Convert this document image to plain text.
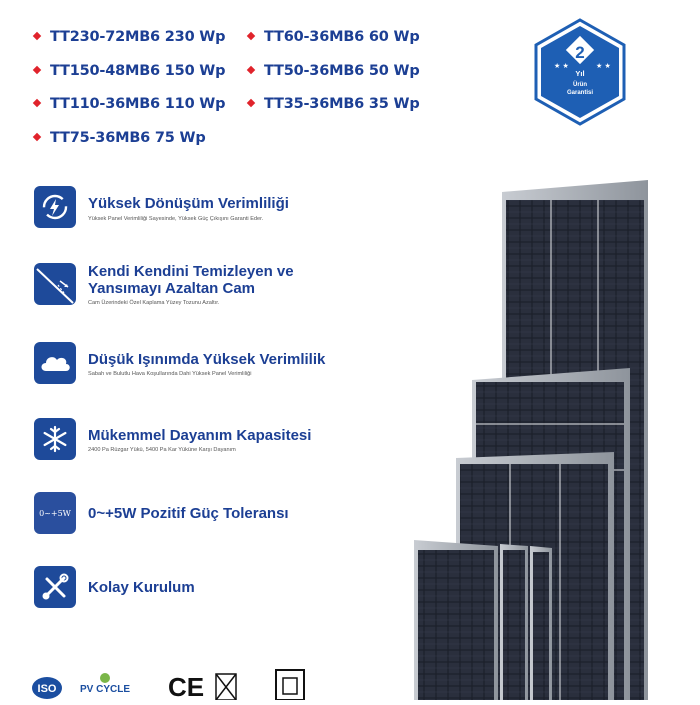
TT230-72MB6 230 Wp	TT60-36MB6 60 Wp
TT150-48MB6 150 Wp	TT50-36MB6 50 Wp
TT110-36MB6 110 Wp	TT35-36MB6 35 Wp
TT75-36MB6 75 Wp
2
★ ★	★ ★
Yıl
Ürün
Garantisi
Yüksek Dönüşüm Verimliliği
Yüksek Panel Verimliliği Sayesinde, Yüksek Güç Çıkışını Garanti Eder.
Kendi Kendini Temizleyen ve
Yansımayı Azaltan Cam
Cam Üzerindeki Özel Kaplama Yüzey Tozunu Azaltır.
Düşük Işınımda Yüksek Verimlilik
Sabah ve Bulutlu Hava Koşullarında Dahi Yüksek Panel Verimliliği
Mükemmel Dayanım Kapasitesi
2400 Pa Rüzgar Yükü, 5400 Pa Kar Yüküne Karşı Dayanım
0~+5W 0~+5W Pozitif Güç Toleransı
Kolay Kurulum
ISO PV CYCLE CE
